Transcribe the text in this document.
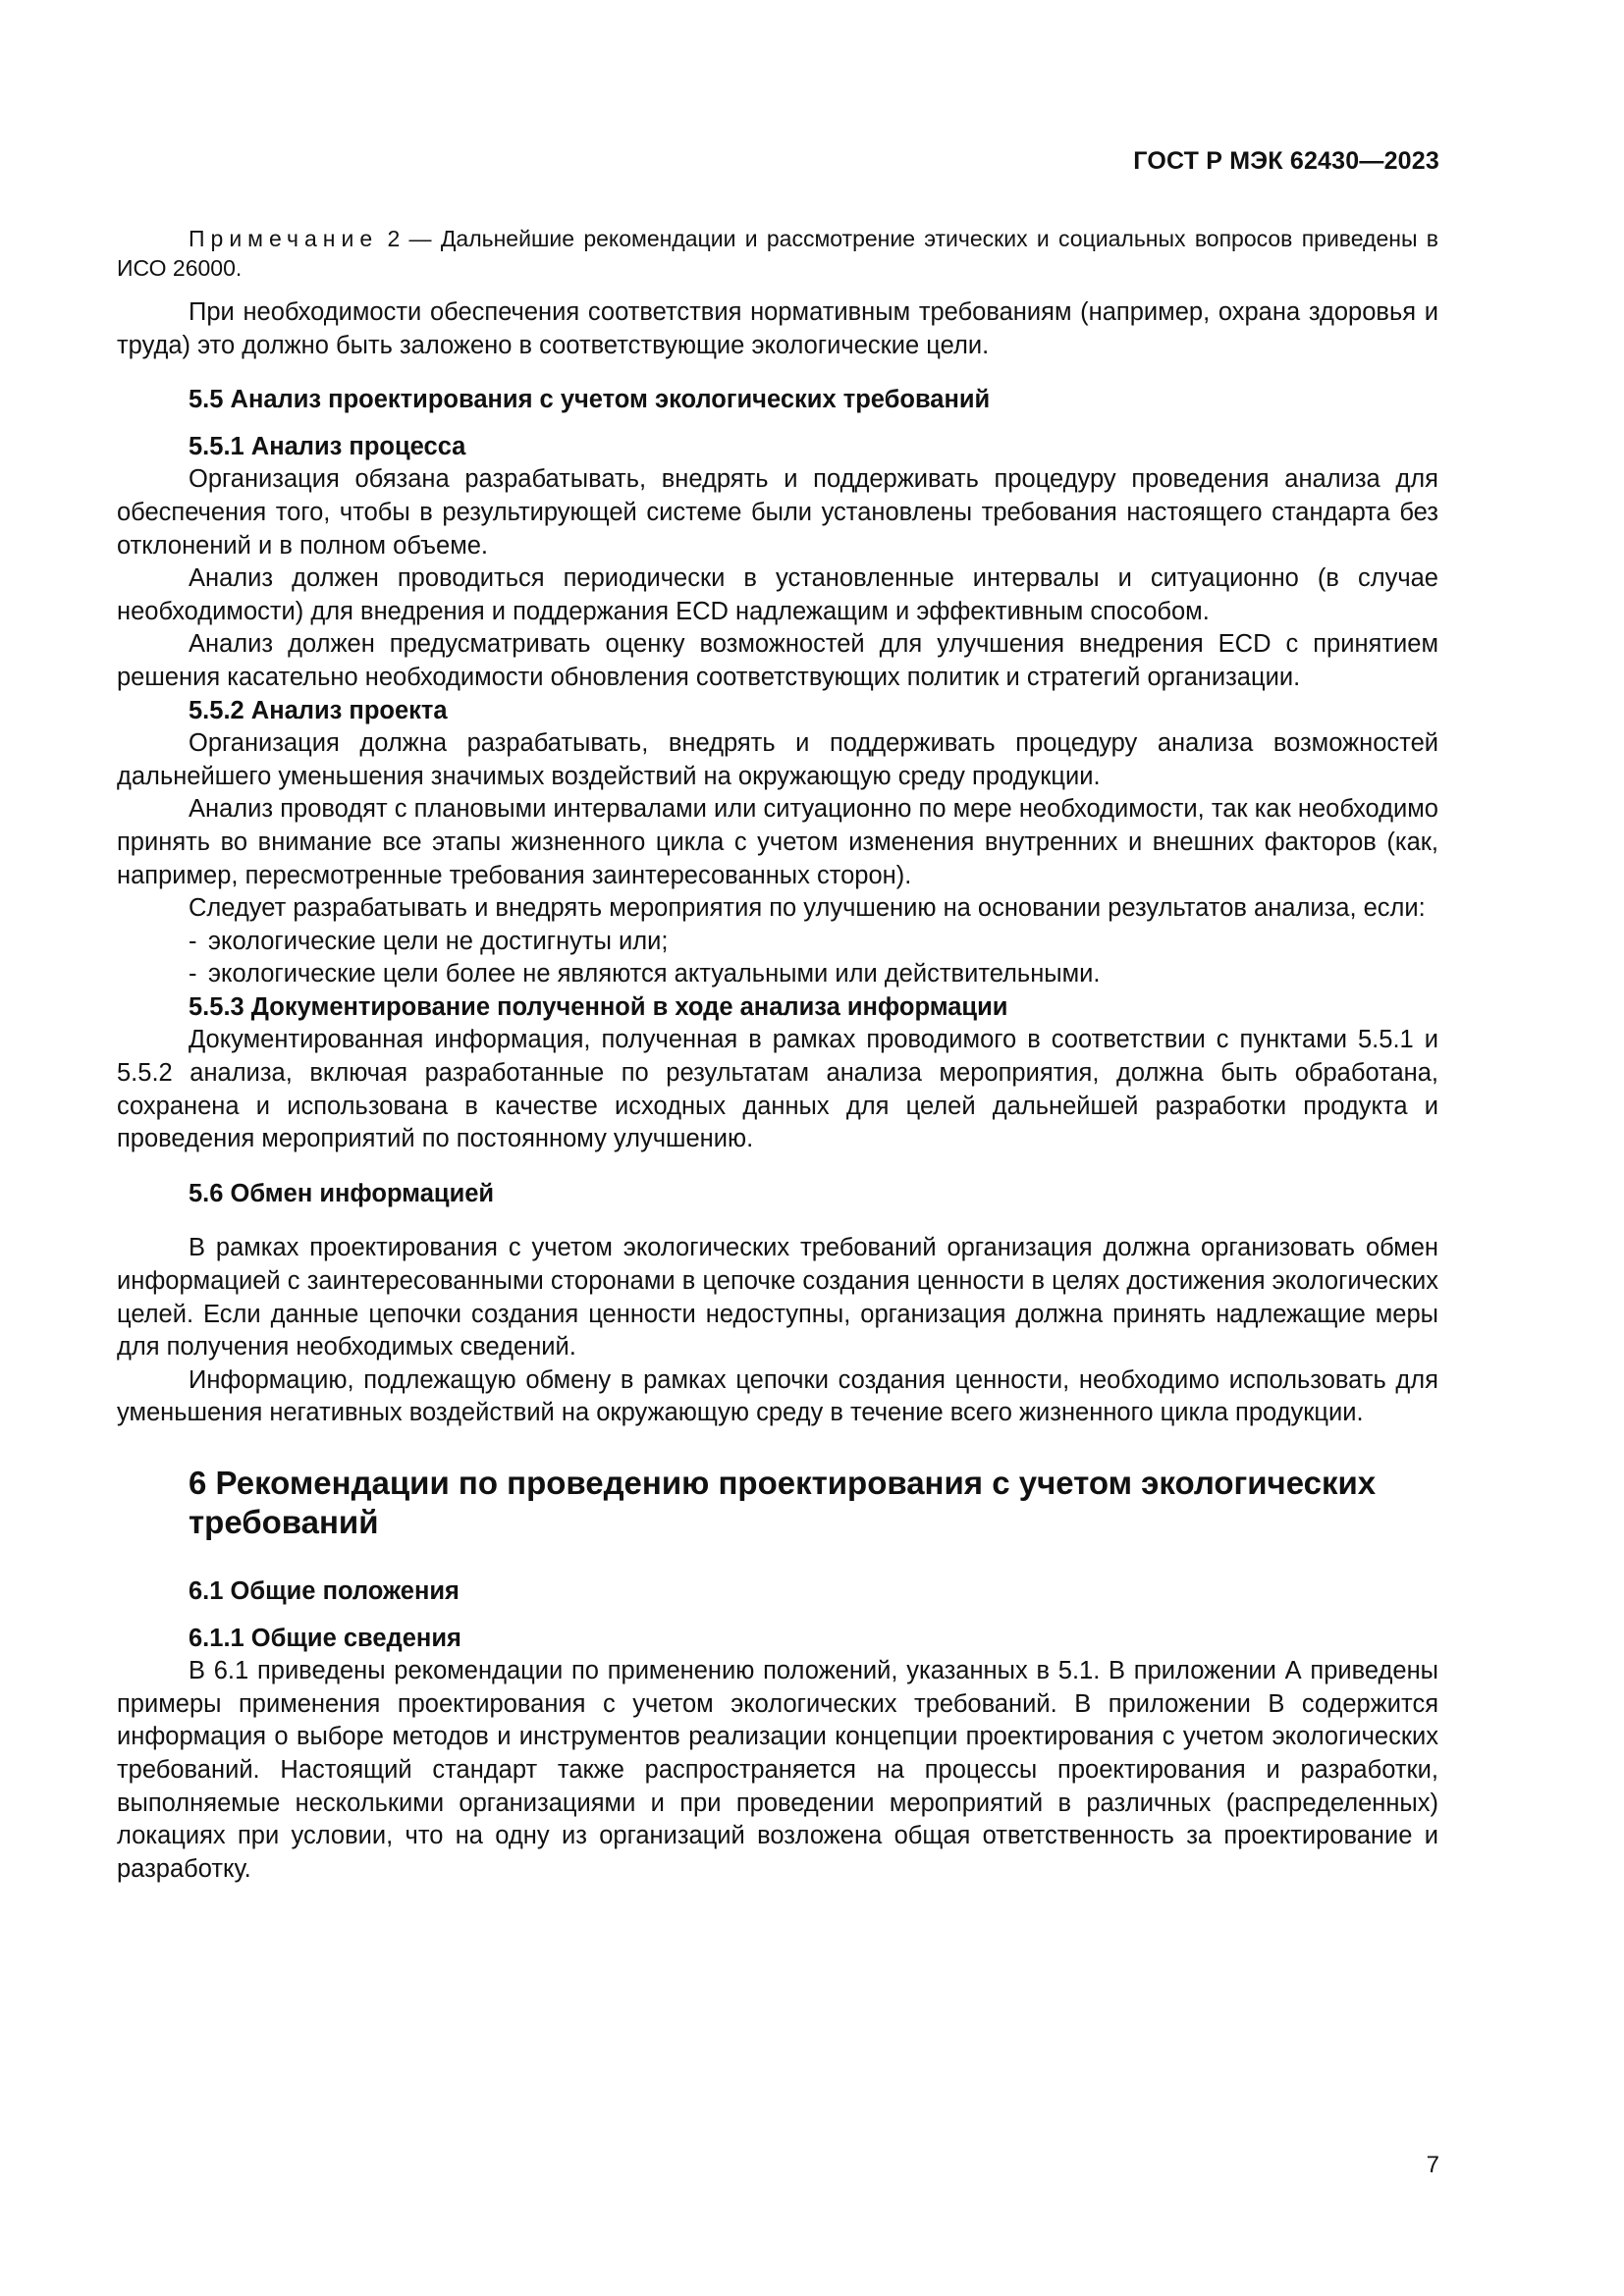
ГОСТ Р МЭК 62430—2023

Примечание 2 — Дальнейшие рекомендации и рассмотрение этических и социальных вопросов приведены в ИСО 26000.

При необходимости обеспечения соответствия нормативным требованиям (например, охрана здоровья и труда) это должно быть заложено в соответствующие экологические цели.

5.5 Анализ проектирования с учетом экологических требований

5.5.1 Анализ процесса

Организация обязана разрабатывать, внедрять и поддерживать процедуру проведения анализа для обеспечения того, чтобы в результирующей системе были установлены требования настоящего стандарта без отклонений и в полном объеме.

Анализ должен проводиться периодически в установленные интервалы и ситуационно (в случае необходимости) для внедрения и поддержания ECD надлежащим и эффективным способом.

Анализ должен предусматривать оценку возможностей для улучшения внедрения ECD с принятием решения касательно необходимости обновления соответствующих политик и стратегий организации.

5.5.2 Анализ проекта

Организация должна разрабатывать, внедрять и поддерживать процедуру анализа возможностей дальнейшего уменьшения значимых воздействий на окружающую среду продукции.

Анализ проводят с плановыми интервалами или ситуационно по мере необходимости, так как необходимо принять во внимание все этапы жизненного цикла с учетом изменения внутренних и внешних факторов (как, например, пересмотренные требования заинтересованных сторон).

Следует разрабатывать и внедрять мероприятия по улучшению на основании результатов анализа, если:

- экологические цели не достигнуты или;

- экологические цели более не являются актуальными или действительными.

5.5.3 Документирование полученной в ходе анализа информации

Документированная информация, полученная в рамках проводимого в соответствии с пунктами 5.5.1 и 5.5.2 анализа, включая разработанные по результатам анализа мероприятия, должна быть обработана, сохранена и использована в качестве исходных данных для целей дальнейшей разработки продукта и проведения мероприятий по постоянному улучшению.

5.6 Обмен информацией

В рамках проектирования с учетом экологических требований организация должна организовать обмен информацией с заинтересованными сторонами в цепочке создания ценности в целях достижения экологических целей. Если данные цепочки создания ценности недоступны, организация должна принять надлежащие меры для получения необходимых сведений.

Информацию, подлежащую обмену в рамках цепочки создания ценности, необходимо использовать для уменьшения негативных воздействий на окружающую среду в течение всего жизненного цикла продукции.

6 Рекомендации по проведению проектирования с учетом экологических
требований

6.1 Общие положения

6.1.1 Общие сведения

В 6.1 приведены рекомендации по применению положений, указанных в 5.1. В приложении А приведены примеры применения проектирования с учетом экологических требований. В приложении В содержится информация о выборе методов и инструментов реализации концепции проектирования с учетом экологических требований. Настоящий стандарт также распространяется на процессы проектирования и разработки, выполняемые несколькими организациями и при проведении мероприятий в различных (распределенных) локациях при условии, что на одну из организаций возложена общая ответственность за проектирование и разработку.

7
